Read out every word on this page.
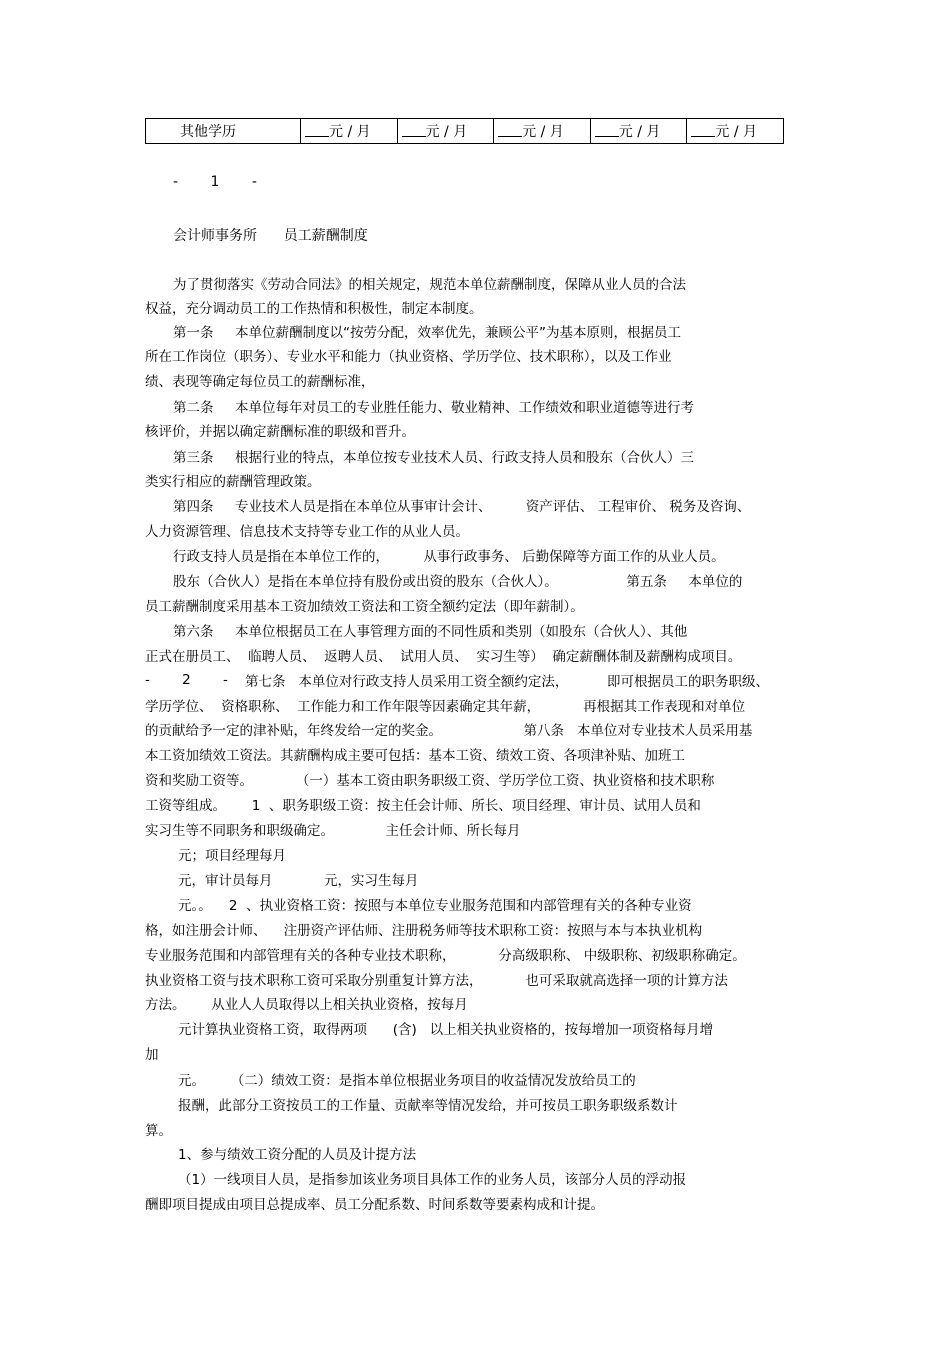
其他学历	元 / 月	元 / 月	元 / 月	元 / 月	元 / 月
- 1 -
会计师事务所      员工薪酬制度
为了贯彻落实《劳动合同法》的相关规定，规范本单位薪酬制度，保障从业人员的合法
权益，充分调动员工的工作热情和积极性，制定本制度。
第一条     本单位薪酬制度以“按劳分配，效率优先，兼顾公平”为基本原则，根据员工
所在工作岗位（职务）、专业水平和能力（执业资格、学历学位、技术职称），以及工作业
绩、表现等确定每位员工的薪酬标准，
第二条     本单位每年对员工的专业胜任能力、敬业精神、工作绩效和职业道德等进行考
核评价，并据以确定薪酬标准的职级和晋升。
第三条     根据行业的特点，本单位按专业技术人员、行政支持人员和股东（合伙人）三
类实行相应的薪酬管理政策。
第四条     专业技术人员是指在本单位从事审计会计、        资产评估、 工程审价、 税务及咨询、
人力资源管理、信息技术支持等专业工作的从业人员。
行政支持人员是指在本单位工作的，        从事行政事务、 后勤保障等方面工作的从业人员。
股东（合伙人）是指在本单位持有股份或出资的股东（合伙人）。                第五条     本单位的
员工薪酬制度采用基本工资加绩效工资法和工资全额约定法（即年薪制）。
第六条     本单位根据员工在人事管理方面的不同性质和类别（如股东（合伙人）、其他
正式在册员工、  临聘人员、  返聘人员、  试用人员、  实习生等）  确定薪酬体制及薪酬构成项目。
- 2 - 第七条   本单位对行政支持人员采用工资全额约定法，         即可根据员工的职务职级、
学历学位、  资格职称、  工作能力和工作年限等因素确定其年薪，          再根据其工作表现和对单位
的贡献给予一定的津补贴，年终发给一定的奖金。                   第八条   本单位对专业技术人员采用基
本工资加绩效工资法。其薪酬构成主要可包括：基本工资、绩效工资、各项津补贴、加班工
资和奖励工资等。          （一）基本工资由职务职级工资、学历学位工资、执业资格和技术职称
工资等组成。      1  、职务职级工资：按主任会计师、所长、项目经理、审计员、试用人员和
实习生等不同职务和职级确定。            主任会计师、所长每月
元；项目经理每月
元，审计员每月            元，实习生每月
元。。    2  、执业资格工资：按照与本单位专业服务范围和内部管理有关的各种专业资
格，如注册会计师、    注册资产评估师、注册税务师等技术职称工资：按照与本与本执业机构
专业服务范围和内部管理有关的各种专业技术职称，          分高级职称、 中级职称、初级职称确定。
执业资格工资与技术职称工资可采取分别重复计算方法，          也可采取就高选择一项的计算方法
方法。      从业人人员取得以上相关执业资格，按每月
元计算执业资格工资，取得两项      (含)   以上相关执业资格的，按每增加一项资格每月增
加
元。      （二）绩效工资：是指本单位根据业务项目的收益情况发放给员工的
报酬，此部分工资按员工的工作量、贡献率等情况发给，并可按员工职务职级系数计
算。
1、参与绩效工资分配的人员及计提方法
（1）一线项目人员，是指参加该业务项目具体工作的业务人员，该部分人员的浮动报
酬即项目提成由项目总提成率、员工分配系数、时间系数等要素构成和计提。
